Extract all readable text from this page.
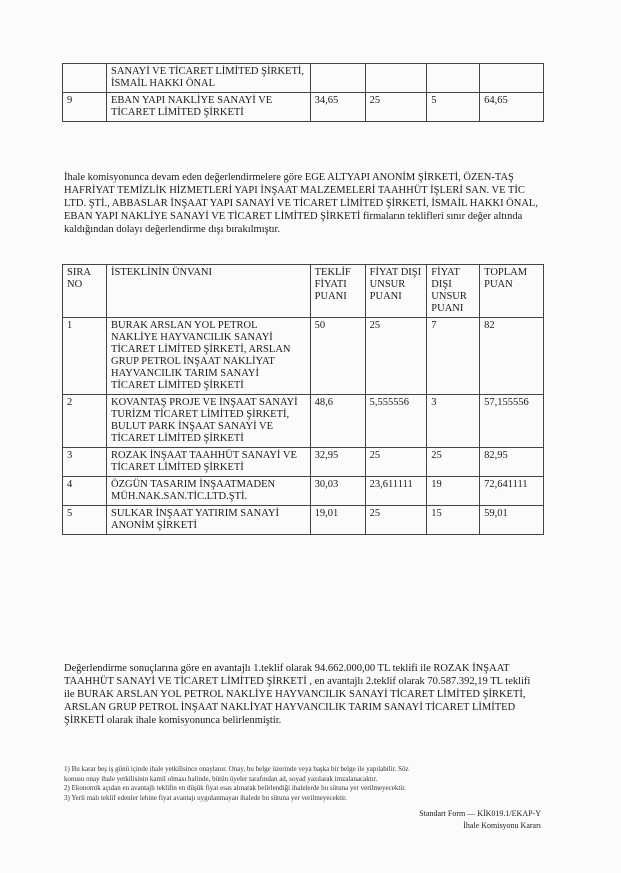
	SANAYİ VE TİCARET LİMİTED ŞİRKETİ, İSMAİL HAKKI ÖNAL				
9	EBAN YAPI NAKLİYE SANAYİ VE TİCARET LİMİTED ŞİRKETİ	34,65	25	5	64,65

İhale komisyonunca devam eden değerlendirmelere göre EGE ALTYAPI ANONİM ŞİRKETİ, ÖZEN-TAŞ HAFRİYAT TEMİZLİK HİZMETLERİ YAPI İNŞAAT MALZEMELERİ TAAHHÜT İŞLERİ SAN. VE TİC LTD. ŞTİ., ABBASLAR İNŞAAT YAPI SANAYİ VE TİCARET LİMİTED ŞİRKETİ, İSMAİL HAKKI ÖNAL, EBAN YAPI NAKLİYE SANAYİ VE TİCARET LİMİTED ŞİRKETİ firmaların teklifleri sınır değer altında kaldığından dolayı değerlendirme dışı bırakılmıştır.

SIRA NO	İSTEKLİNİN ÜNVANI	TEKLİF FİYATI PUANI	FİYAT DIŞI UNSUR PUANI	FİYAT DIŞI UNSUR PUANI	TOPLAM PUAN
1	BURAK ARSLAN YOL PETROL NAKLİYE HAYVANCILIK SANAYİ TİCARET LİMİTED ŞİRKETİ, ARSLAN GRUP PETROL İNŞAAT NAKLİYAT HAYVANCILIK TARIM SANAYİ TİCARET LİMİTED ŞİRKETİ	50	25	7	82
2	KOVANTAŞ PROJE VE İNŞAAT SANAYİ TURİZM TİCARET LİMİTED ŞİRKETİ, BULUT PARK İNŞAAT SANAYİ VE TİCARET LİMİTED ŞİRKETİ	48,6	5,555556	3	57,155556
3	ROZAK İNŞAAT TAAHHÜT SANAYİ VE TİCARET LİMİTED ŞİRKETİ	32,95	25	25	82,95
4	ÖZGÜN TASARIM İNŞAATMADEN MÜH.NAK.SAN.TİC.LTD.ŞTİ.	30,03	23,611111	19	72,641111
5	SULKAR İNŞAAT YATIRIM SANAYİ ANONİM ŞİRKETİ	19,01	25	15	59,01

Değerlendirme sonuçlarına göre en avantajlı 1.teklif olarak 94.662.000,00 TL teklifi ile ROZAK İNŞAAT TAAHHÜT SANAYİ VE TİCARET LİMİTED ŞİRKETİ , en avantajlı 2.teklif olarak 70.587.392,19 TL teklifi ile BURAK ARSLAN YOL PETROL NAKLİYE HAYVANCILIK SANAYİ TİCARET LİMİTED ŞİRKETİ, ARSLAN GRUP PETROL İNŞAAT NAKLİYAT HAYVANCILIK TARIM SANAYİ TİCARET LİMİTED ŞİRKETİ olarak ihale komisyonunca belirlenmiştir.

1) Bu karar beş iş günü içinde ihale yetkilisince onaylanır. Onay, bu belge üzerinde veya başka bir belge ile yapılabilir. Söz
konusu onay ihale yetkilisinin kamil olması halinde, bütün üyeler tarafından ad, soyad yazılarak imzalanacaktır.
2) Ekonomik açıdan en avantajlı teklifin en düşük fiyat esas alınarak belirlendiği ihalelerde bu sütuna yer verilmeyecektir.
3) Yerli malı teklif edenler lehine fiyat avantajı uygulanmayan ihalede bu sütuna yer verilmeyecektir.
Standart Form — KİK019.1/EKAP-Y
İhale Komisyonu Kararı
